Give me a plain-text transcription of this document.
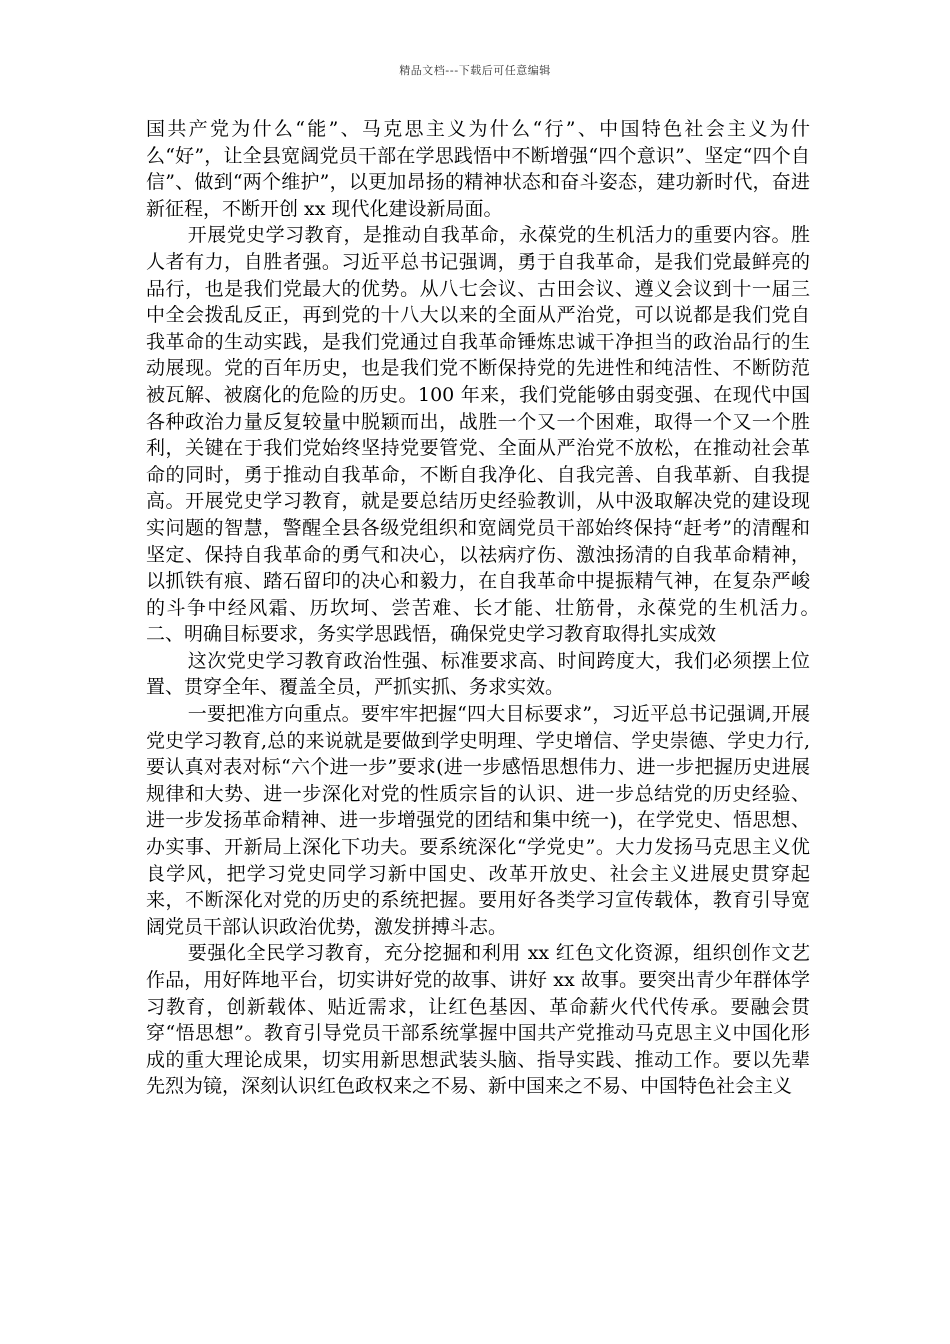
精品文档---下载后可任意编辑

国共产党为什么“能”、马克思主义为什么“行”、中国特色社会主义为什么“好”，让全县宽阔党员干部在学思践悟中不断增强“四个意识”、坚定“四个自信”、做到“两个维护”，以更加昂扬的精神状态和奋斗姿态，建功新时代，奋进新征程，不断开创 xx 现代化建设新局面。

开展党史学习教育，是推动自我革命，永葆党的生机活力的重要内容。胜人者有力，自胜者强。习近平总书记强调，勇于自我革命，是我们党最鲜亮的品行，也是我们党最大的优势。从八七会议、古田会议、遵义会议到十一届三中全会拨乱反正，再到党的十八大以来的全面从严治党，可以说都是我们党自我革命的生动实践，是我们党通过自我革命锤炼忠诚干净担当的政治品行的生动展现。党的百年历史，也是我们党不断保持党的先进性和纯洁性、不断防范被瓦解、被腐化的危险的历史。100 年来，我们党能够由弱变强、在现代中国各种政治力量反复较量中脱颖而出，战胜一个又一个困难，取得一个又一个胜利，关键在于我们党始终坚持党要管党、全面从严治党不放松，在推动社会革命的同时，勇于推动自我革命，不断自我净化、自我完善、自我革新、自我提高。开展党史学习教育，就是要总结历史经验教训，从中汲取解决党的建设现实问题的智慧，警醒全县各级党组织和宽阔党员干部始终保持“赶考”的清醒和坚定、保持自我革命的勇气和决心，以祛病疗伤、激浊扬清的自我革命精神，以抓铁有痕、踏石留印的决心和毅力，在自我革命中提振精气神，在复杂严峻的斗争中经风霜、历坎坷、尝苦难、长才能、壮筋骨，永葆党的生机活力。　　二、明确目标要求，务实学思践悟，确保党史学习教育取得扎实成效

这次党史学习教育政治性强、标准要求高、时间跨度大，我们必须摆上位置、贯穿全年、覆盖全员，严抓实抓、务求实效。

一要把准方向重点。要牢牢把握“四大目标要求”，习近平总书记强调,开展党史学习教育,总的来说就是要做到学史明理、学史增信、学史崇德、学史力行,要认真对表对标“六个进一步”要求(进一步感悟思想伟力、进一步把握历史进展规律和大势、进一步深化对党的性质宗旨的认识、进一步总结党的历史经验、进一步发扬革命精神、进一步增强党的团结和集中统一)，在学党史、悟思想、办实事、开新局上深化下功夫。要系统深化“学党史”。大力发扬马克思主义优良学风，把学习党史同学习新中国史、改革开放史、社会主义进展史贯穿起来，不断深化对党的历史的系统把握。要用好各类学习宣传载体，教育引导宽阔党员干部认识政治优势，激发拼搏斗志。

要强化全民学习教育，充分挖掘和利用 xx 红色文化资源，组织创作文艺作品，用好阵地平台，切实讲好党的故事、讲好 xx 故事。要突出青少年群体学习教育，创新载体、贴近需求，让红色基因、革命薪火代代传承。要融会贯穿“悟思想”。教育引导党员干部系统掌握中国共产党推动马克思主义中国化形成的重大理论成果，切实用新思想武装头脑、指导实践、推动工作。要以先辈先烈为镜，深刻认识红色政权来之不易、新中国来之不易、中国特色社会主义
